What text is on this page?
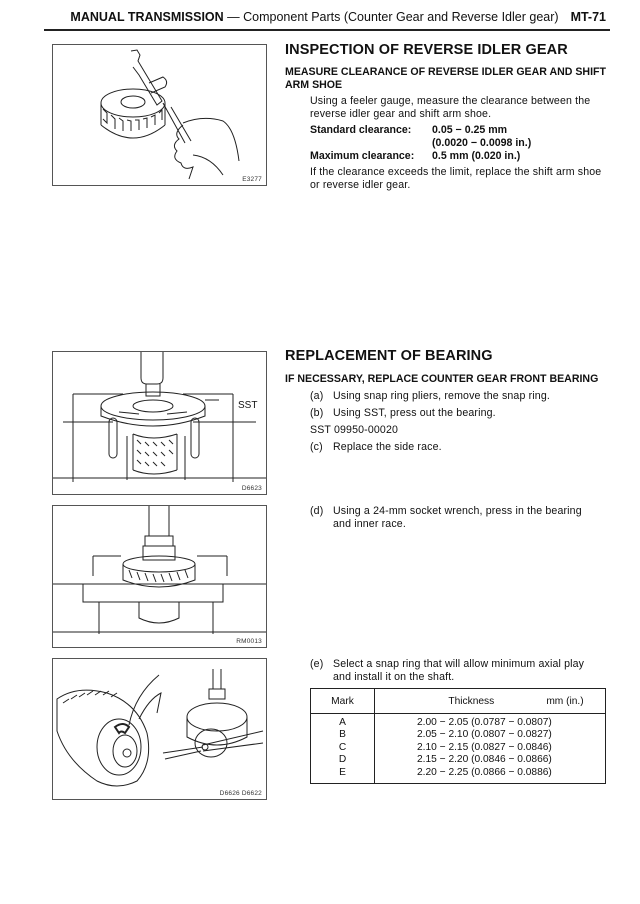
MANUAL TRANSMISSION — Component Parts (Counter Gear and Reverse Idler gear) MT-71
E3277
SST
D6623
RM0013
D6626 D6622
INSPECTION OF REVERSE IDLER GEAR
MEASURE CLEARANCE OF REVERSE IDLER GEAR AND SHIFT
ARM SHOE
Using a feeler gauge, measure the clearance between the
reverse idler gear and shift arm shoe.
Standard clearance: 0.05 − 0.25 mm
(0.0020 − 0.0098 in.)
Maximum clearance: 0.5 mm (0.020 in.)
If the clearance exceeds the limit, replace the shift arm shoe
or reverse idler gear.
REPLACEMENT OF BEARING
IF NECESSARY, REPLACE COUNTER GEAR FRONT BEARING
(a) Using snap ring pliers, remove the snap ring.
(b) Using SST, press out the bearing.
SST 09950-00020
(c) Replace the side race.
(d) Using a 24-mm socket wrench, press in the bearing
and inner race.
(e) Select a snap ring that will allow minimum axial play
and install it on the shaft.
Mark	Thickness mm (in.)
A	2.00 − 2.05 (0.0787 − 0.0807)
B	2.05 − 2.10 (0.0807 − 0.0827)
C	2.10 − 2.15 (0.0827 − 0.0846)
D	2.15 − 2.20 (0.0846 − 0.0866)
E	2.20 − 2.25 (0.0866 − 0.0886)
